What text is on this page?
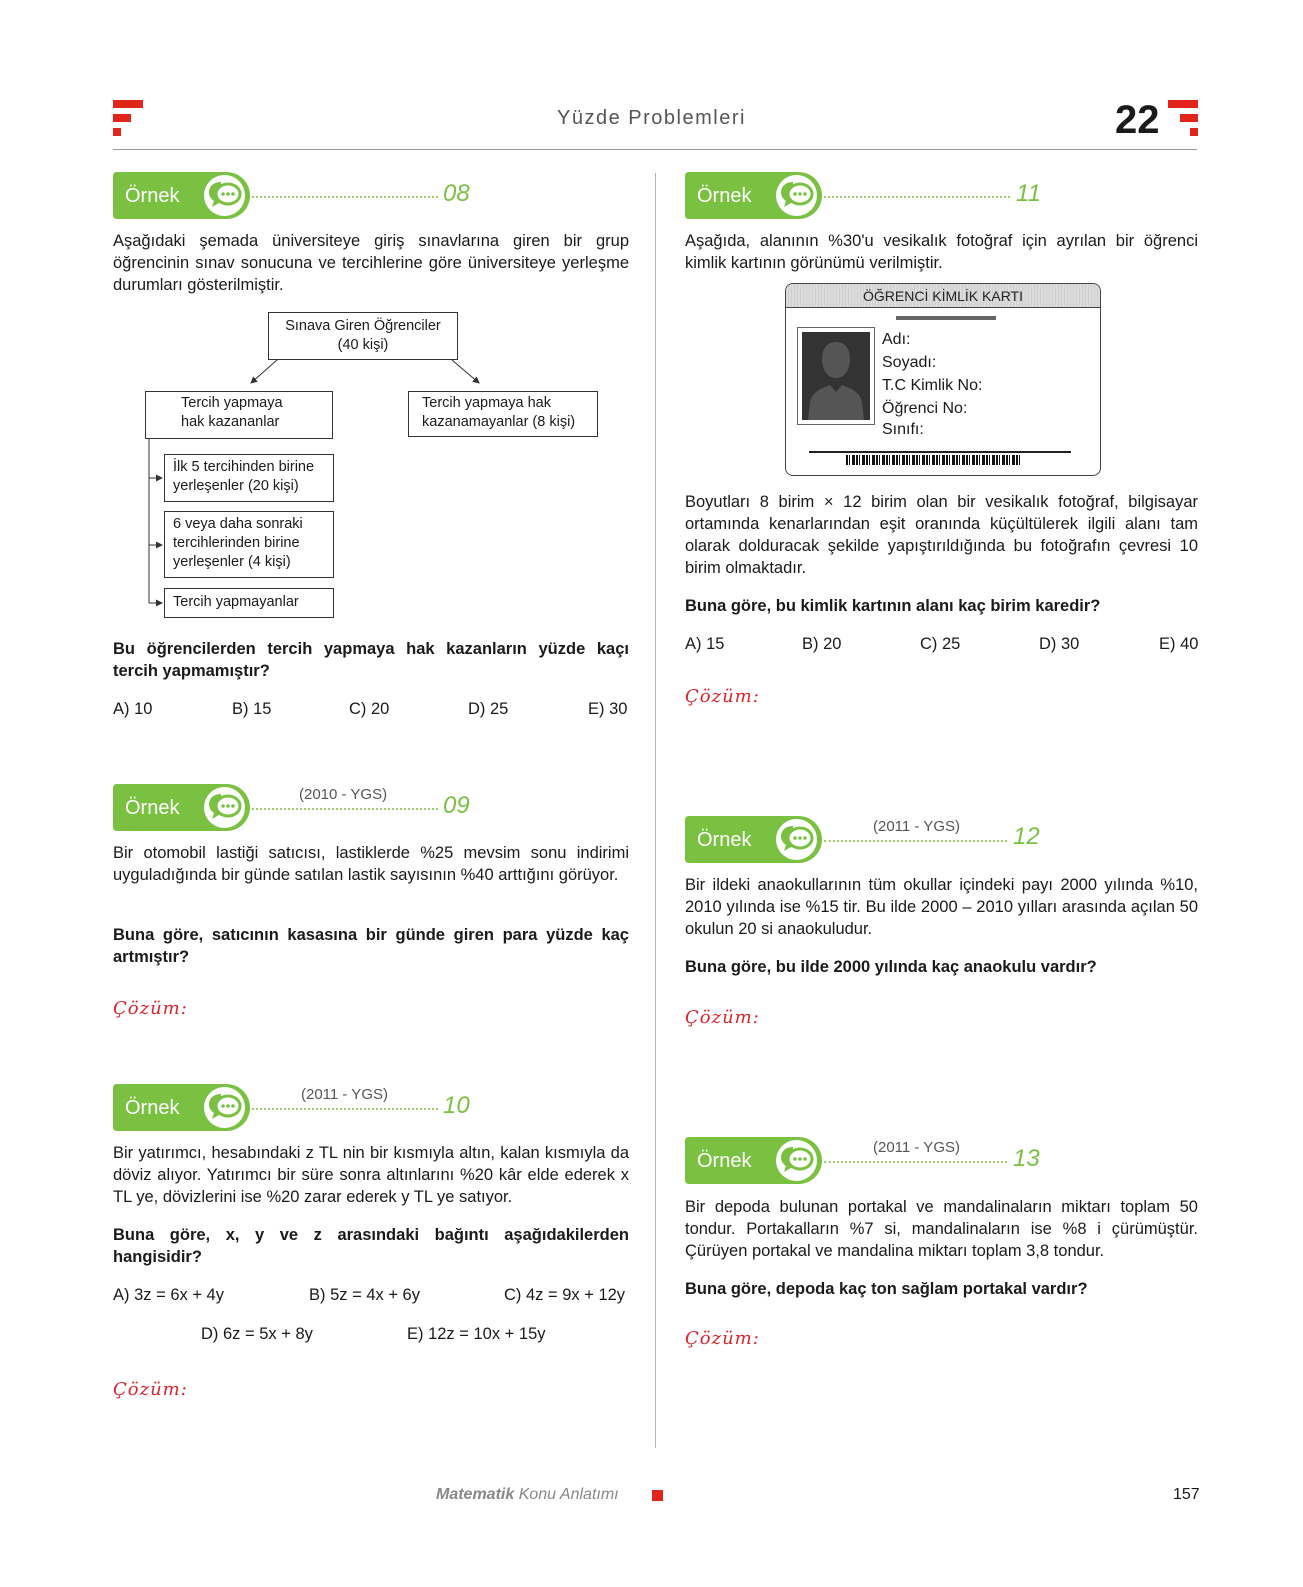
Yüzde Problemleri	22
Örnek	08
Aşağıdaki şemada üniversiteye giriş sınavlarına giren bir grup öğrencinin sınav sonucuna ve tercihlerine göre üniversiteye yerleşme durumları gösterilmiştir.
Sınava Giren Öğrenciler
(40 kişi)
Tercih yapmaya
hak kazananlar
Tercih yapmaya hak
kazanamayanlar (8 kişi)
İlk 5 tercihinden birine
yerleşenler (20 kişi)
6 veya daha sonraki
tercihlerinden birine
yerleşenler (4 kişi)
Tercih yapmayanlar
Bu öğrencilerden tercih yapmaya hak kazanların yüzde kaçı tercih yapmamıştır?
A) 10	B) 15	C) 20	D) 25	E) 30
Örnek
(2010 - YGS) 09
Bir otomobil lastiği satıcısı, lastiklerde %25 mevsim sonu indirimi uyguladığında bir günde satılan lastik sayısının %40 arttığını görüyor.
Buna göre, satıcının kasasına bir günde giren para yüzde kaç artmıştır?
Çözüm:
Örnek
(2011 - YGS) 10
Bir yatırımcı, hesabındaki z TL nin bir kısmıyla altın, kalan kısmıyla da döviz alıyor. Yatırımcı bir süre sonra altınlarını %20 kâr elde ederek x TL ye, dövizlerini ise %20 zarar ederek y TL ye satıyor.
Buna göre, x, y ve z arasındaki bağıntı aşağıdakilerden hangisidir?
A) 3z = 6x + 4y	B) 5z = 4x + 6y	C) 4z = 9x + 12y
D) 6z = 5x + 8y	E) 12z = 10x + 15y
Çözüm:
Örnek	11
Aşağıda, alanının %30'u vesikalık fotoğraf için ayrılan bir öğrenci kimlik kartının görünümü verilmiştir.
ÖĞRENCİ KİMLİK KARTI
Adı:
Soyadı:
T.C Kimlik No:
Öğrenci No:
Sınıfı:
Boyutları 8 birim × 12 birim olan bir vesikalık fotoğraf, bilgisayar ortamında kenarlarından eşit oranında küçültülerek ilgili alanı tam olarak dolduracak şekilde yapıştırıldığında bu fotoğrafın çevresi 10 birim olmaktadır.
Buna göre, bu kimlik kartının alanı kaç birim karedir?
A) 15	B) 20	C) 25	D) 30	E) 40
Çözüm:
Örnek
(2011 - YGS) 12
Bir ildeki anaokullarının tüm okullar içindeki payı 2000 yılında %10, 2010 yılında ise %15 tir. Bu ilde 2000 – 2010 yılları arasında açılan 50 okulun 20 si anaokuludur.
Buna göre, bu ilde 2000 yılında kaç anaokulu vardır?
Çözüm:
Örnek
(2011 - YGS) 13
Bir depoda bulunan portakal ve mandalinaların miktarı toplam 50 tondur. Portakalların %7 si, mandalinaların ise %8 i çürümüştür. Çürüyen portakal ve mandalina miktarı toplam 3,8 tondur.
Buna göre, depoda kaç ton sağlam portakal vardır?
Çözüm:
Matematik Konu Anlatımı	157
